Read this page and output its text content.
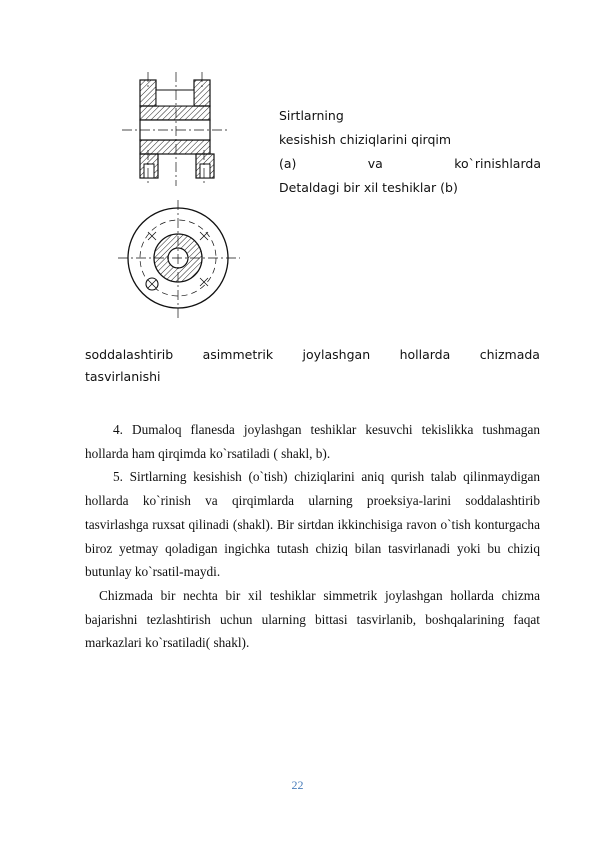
Sirtlarning
kesishish chiziqlarini qirqim
(a)	va	ko`rinishlarda
Detaldagi bir xil teshiklar (b)
soddalashtirib asimmetrik joylashgan hollarda chizmada
tasvirlanishi

4. Dumaloq flanesda joylashgan teshiklar kesuvchi tekislikka tushmagan hollarda ham qirqimda ko`rsatiladi ( shakl, b).

5. Sirtlarning kesishish (o`tish) chiziqlarini aniq qurish talab qilinmaydigan hollarda ko`rinish va qirqimlarda ularning proeksiya-larini soddalashtirib tasvirlashga ruxsat qilinadi (shakl). Bir sirtdan ikkinchisiga ravon o`tish konturgacha biroz yetmay qoladigan ingichka tutash chiziq bilan tasvirlanadi yoki bu chiziq butunlay ko`rsatil-maydi.

Chizmada bir nechta bir xil teshiklar simmetrik joylashgan hollarda chizma bajarishni tezlashtirish uchun ularning bittasi tasvirlanib, boshqalarining faqat markazlari ko`rsatiladi( shakl).

22
